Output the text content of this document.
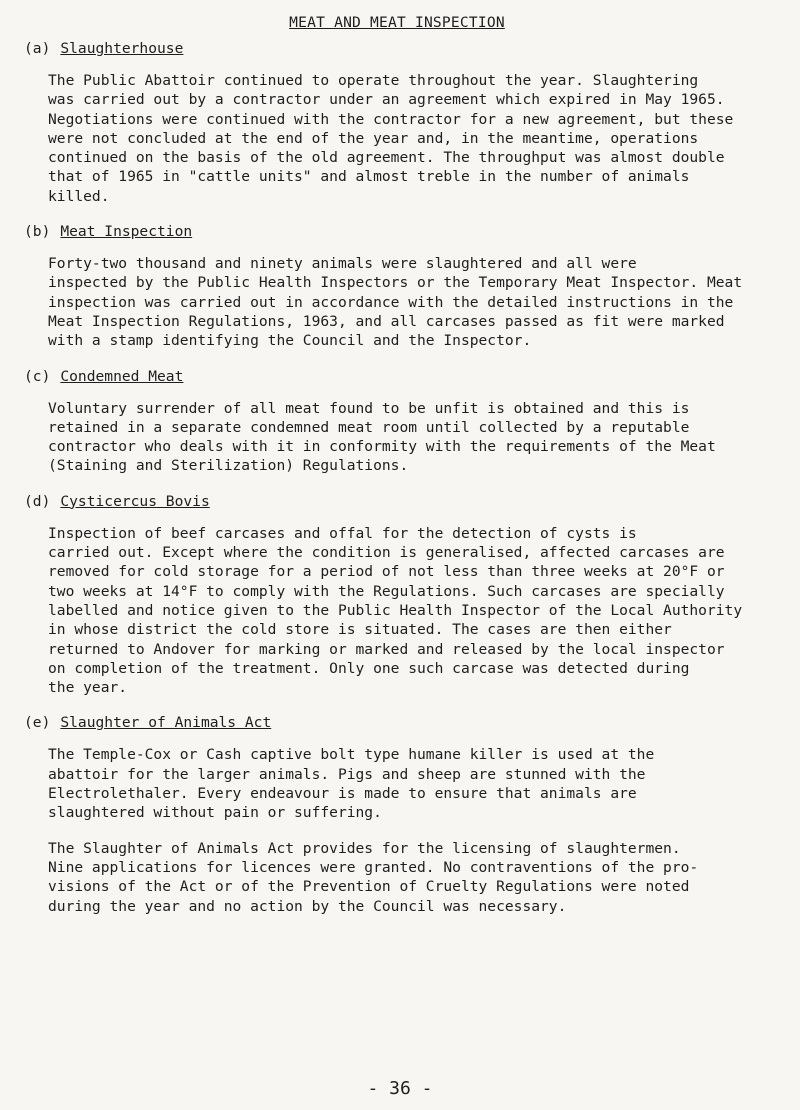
MEAT AND MEAT INSPECTION
(a) Slaughterhouse

The Public Abattoir continued to operate throughout the year. Slaughtering
was carried out by a contractor under an agreement which expired in May 1965.
Negotiations were continued with the contractor for a new agreement, but these
were not concluded at the end of the year and, in the meantime, operations
continued on the basis of the old agreement. The throughput was almost double
that of 1965 in "cattle units" and almost treble in the number of animals
killed.

(b) Meat Inspection

Forty-two thousand and ninety animals were slaughtered and all were
inspected by the Public Health Inspectors or the Temporary Meat Inspector. Meat
inspection was carried out in accordance with the detailed instructions in the
Meat Inspection Regulations, 1963, and all carcases passed as fit were marked
with a stamp identifying the Council and the Inspector.

(c) Condemned Meat

Voluntary surrender of all meat found to be unfit is obtained and this is
retained in a separate condemned meat room until collected by a reputable
contractor who deals with it in conformity with the requirements of the Meat
(Staining and Sterilization) Regulations.

(d) Cysticercus Bovis

Inspection of beef carcases and offal for the detection of cysts is
carried out. Except where the condition is generalised, affected carcases are
removed for cold storage for a period of not less than three weeks at 20°F or
two weeks at 14°F to comply with the Regulations. Such carcases are specially
labelled and notice given to the Public Health Inspector of the Local Authority
in whose district the cold store is situated. The cases are then either
returned to Andover for marking or marked and released by the local inspector
on completion of the treatment. Only one such carcase was detected during
the year.

(e) Slaughter of Animals Act

The Temple-Cox or Cash captive bolt type humane killer is used at the
abattoir for the larger animals. Pigs and sheep are stunned with the
Electrolethaler. Every endeavour is made to ensure that animals are
slaughtered without pain or suffering.

The Slaughter of Animals Act provides for the licensing of slaughtermen.
Nine applications for licences were granted. No contraventions of the pro-
visions of the Act or of the Prevention of Cruelty Regulations were noted
during the year and no action by the Council was necessary.

- 36 -
